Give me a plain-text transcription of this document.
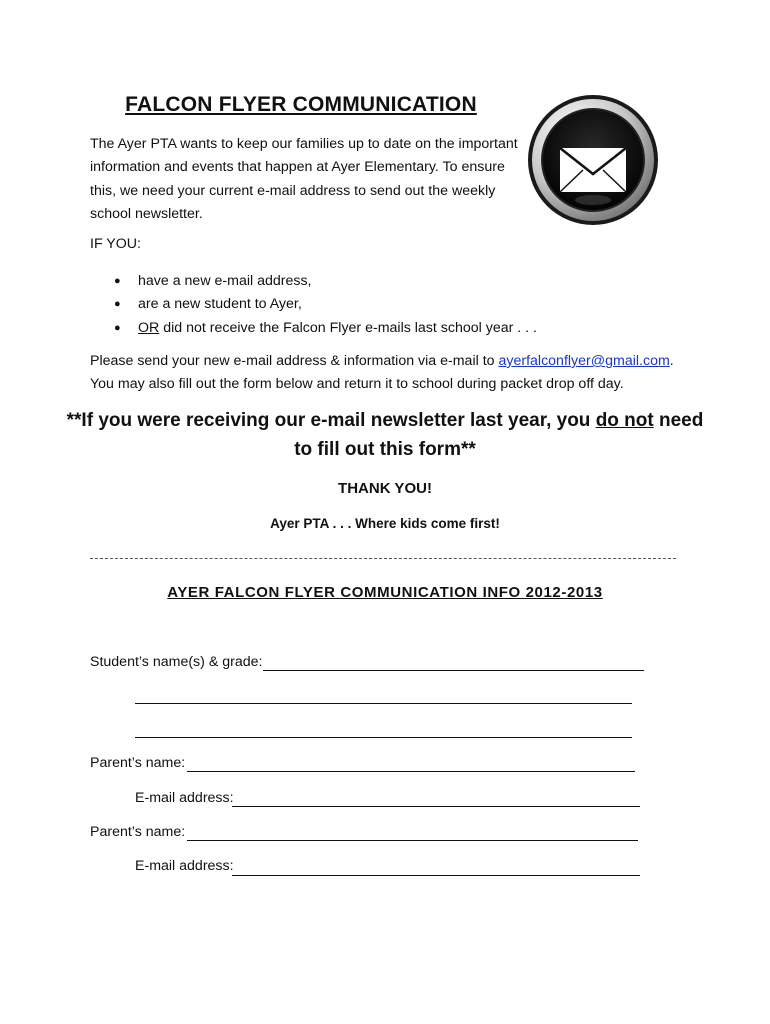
FALCON FLYER COMMUNICATION
The Ayer PTA wants to keep our families up to date on the important information and events that happen at Ayer Elementary. To ensure this, we need your current e-mail address to send out the weekly school newsletter.
IF YOU:
● have a new e-mail address,
● are a new student to Ayer,
● OR did not receive the Falcon Flyer e-mails last school year . . .
Please send your new e-mail address & information via e-mail to ayerfalconflyer@gmail.com.
You may also fill out the form below and return it to school during packet drop off day.
**If you were receiving our e-mail newsletter last year, you do not need to fill out this form**
THANK YOU!
Ayer PTA . . . Where kids come first!
AYER FALCON FLYER COMMUNICATION INFO 2012-2013
Student’s name(s) & grade:
Parent’s name:
E-mail address:
Parent’s name:
E-mail address:
